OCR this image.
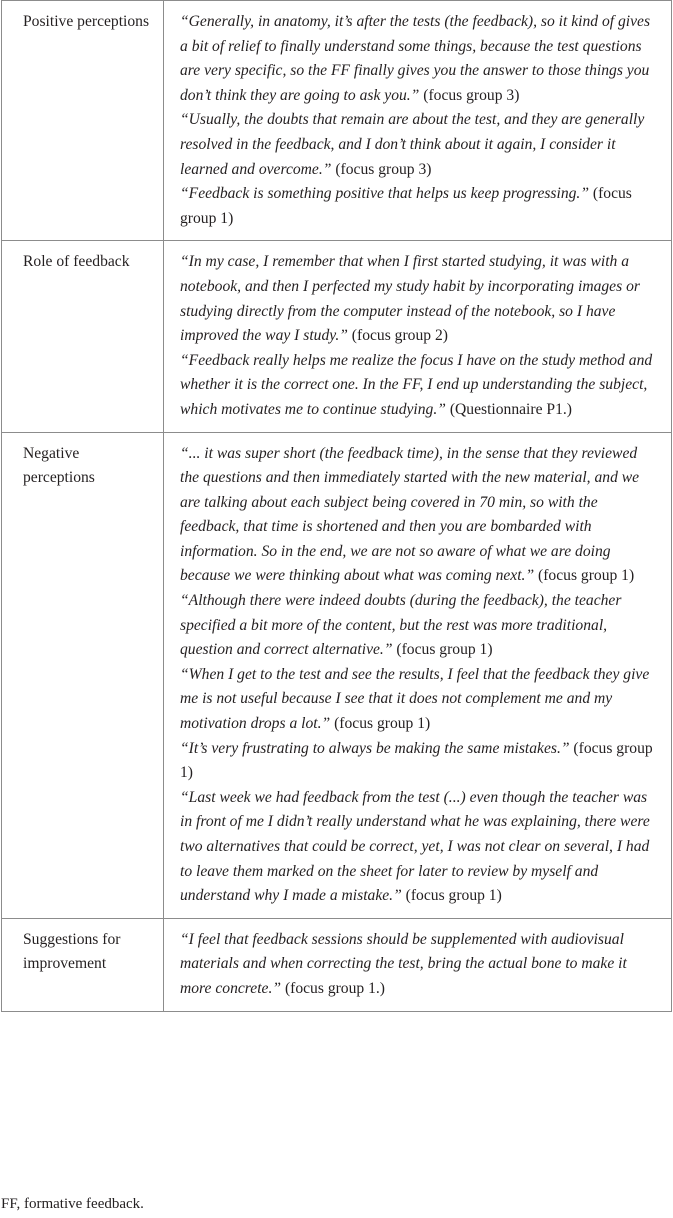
Positive perceptions	“Generally, in anatomy, it’s after the tests (the feedback), so it kind of gives a bit of relief to finally understand some things, because the test questions are very specific, so the FF finally gives you the answer to those things you don’t think they are going to ask you.” (focus group 3)
“Usually, the doubts that remain are about the test, and they are generally resolved in the feedback, and I don’t think about it again, I consider it learned and overcome.” (focus group 3)
“Feedback is something positive that helps us keep progressing.” (focus group 1)

Role of feedback	“In my case, I remember that when I first started studying, it was with a notebook, and then I perfected my study habit by incorporating images or studying directly from the computer instead of the notebook, so I have improved the way I study.” (focus group 2)
“Feedback really helps me realize the focus I have on the study method and whether it is the correct one. In the FF, I end up understanding the subject, which motivates me to continue studying.” (Questionnaire P1.)

Negative perceptions	“... it was super short (the feedback time), in the sense that they reviewed the questions and then immediately started with the new material, and we are talking about each subject being covered in 70 min, so with the feedback, that time is shortened and then you are bombarded with information. So in the end, we are not so aware of what we are doing because we were thinking about what was coming next.” (focus group 1)
“Although there were indeed doubts (during the feedback), the teacher specified a bit more of the content, but the rest was more traditional, question and correct alternative.” (focus group 1)
“When I get to the test and see the results, I feel that the feedback they give me is not useful because I see that it does not complement me and my motivation drops a lot.” (focus group 1)
“It’s very frustrating to always be making the same mistakes.” (focus group 1)
“Last week we had feedback from the test (...) even though the teacher was in front of me I didn’t really understand what he was explaining, there were two alternatives that could be correct, yet, I was not clear on several, I had to leave them marked on the sheet for later to review by myself and understand why I made a mistake.” (focus group 1)

Suggestions for improvement	“I feel that feedback sessions should be supplemented with audiovisual materials and when correcting the test, bring the actual bone to make it more concrete.” (focus group 1.)
FF, formative feedback.
